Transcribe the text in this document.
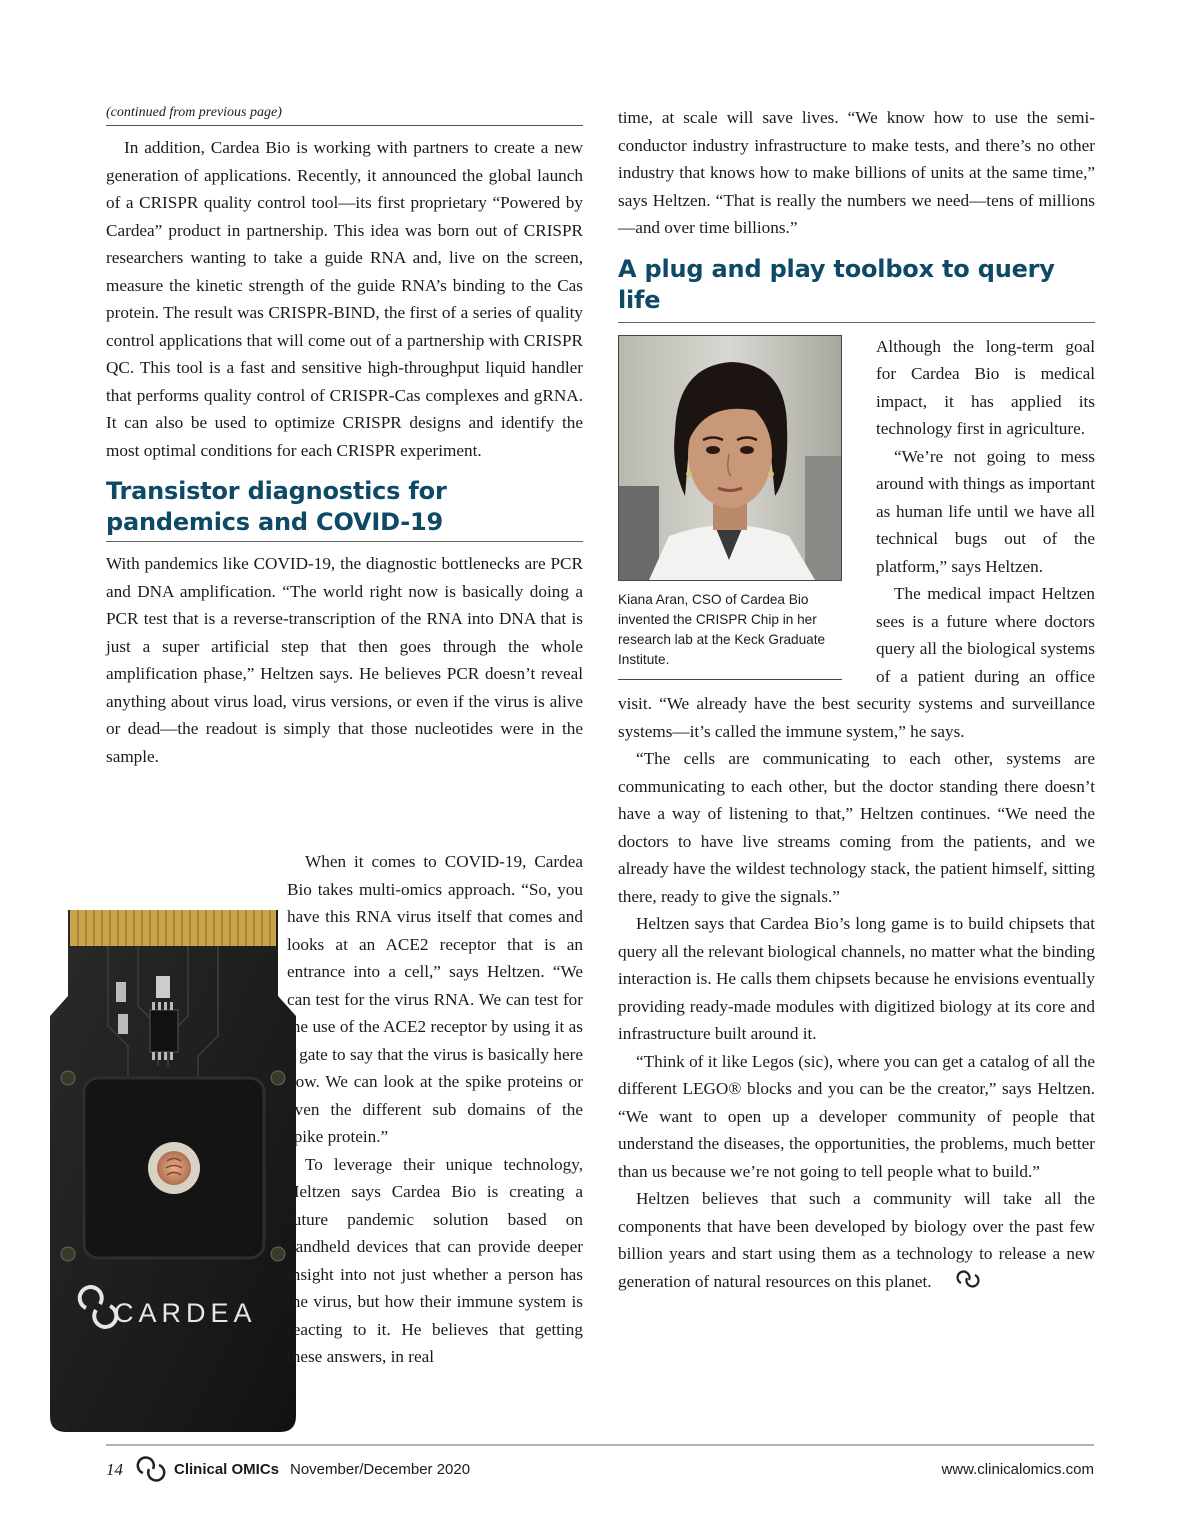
(continued from previous page)

In addition, Cardea Bio is working with partners to create a new generation of applications. Recently, it announced the global launch of a CRISPR quality control tool—its first proprietary “Powered by Cardea” product in partnership. This idea was born out of CRISPR researchers wanting to take a guide RNA and, live on the screen, measure the kinetic strength of the guide RNA’s binding to the Cas protein. The result was CRISPR-BIND, the first of a series of quality control applications that will come out of a partnership with CRISPR QC. This tool is a fast and sensitive high-throughput liquid handler that performs quality control of CRISPR-Cas complexes and gRNA. It can also be used to optimize CRISPR designs and identify the most optimal conditions for each CRISPR experiment.

Transistor diagnostics for pandemics and COVID-19

With pandemics like COVID-19, the diagnostic bottlenecks are PCR and DNA amplification. “The world right now is basically doing a PCR test that is a reverse-transcription of the RNA into DNA that is just a super artificial step that then goes through the whole amplification phase,” Heltzen says. He believes PCR doesn’t reveal anything about virus load, virus versions, or even if the virus is alive or dead—the readout is simply that those nucleotides were in the sample.

CARDEA

time, at scale will save lives. “We know how to use the semiconductor industry infrastructure to make tests, and there’s no other industry that knows how to make billions of units at the same time,” says Heltzen. “That is really the numbers we need—tens of millions—and over time billions.”

A plug and play toolbox to query life
Kiana Aran, CSO of Cardea Bio invented the CRISPR Chip in her research lab at the Keck Graduate Institute.

Although the long-term goal for Cardea Bio is medical impact, it has applied its technology first in agriculture.

“We’re not going to mess around with things as important as human life until we have all technical bugs out of the platform,” says Heltzen.

The medical impact Heltzen sees is a future where doctors query all the biological systems of a patient during an office visit. “We already have the best security systems and surveillance systems—it’s called the immune system,” he says.

“The cells are communicating to each other, systems are communicating to each other, but the doctor standing there doesn’t have a way of listening to that,” Heltzen continues. “We need the doctors to have live streams coming from the patients, and we already have the wildest technology stack, the patient himself, sitting there, ready to give the signals.”

Heltzen says that Cardea Bio’s long game is to build chipsets that query all the relevant biological channels, no matter what the binding interaction is. He calls them chipsets because he envisions eventually providing ready-made modules with digitized biology at its core and infrastructure built around it.

“Think of it like Legos (sic), where you can get a catalog of all the different LEGO® blocks and you can be the creator,” says Heltzen. “We want to open up a developer community of people that understand the diseases, the opportunities, the problems, much better than us because we’re not going to tell people what to build.”

Heltzen believes that such a community will take all the components that have been developed by biology over the past few billion years and start using them as a technology to release a new generation of natural resources on this planet.

14	Clinical OMICs November/December 2020	www.clinicalomics.com

When it comes to COVID-19, Cardea Bio takes multi-omics approach. “So, you have this RNA virus itself that comes and looks at an ACE2 receptor that is an entrance into a cell,” says Heltzen. “We can test for the virus RNA. We can test for the use of the ACE2 receptor by using it as a gate to say that the virus is basically here now. We can look at the spike proteins or even the different sub domains of the spike protein.”

To leverage their unique technology, Heltzen says Cardea Bio is creating a future pandemic solution based on handheld devices that can provide deeper insight into not just whether a person has the virus, but how their immune system is reacting to it. He believes that getting these answers, in real
